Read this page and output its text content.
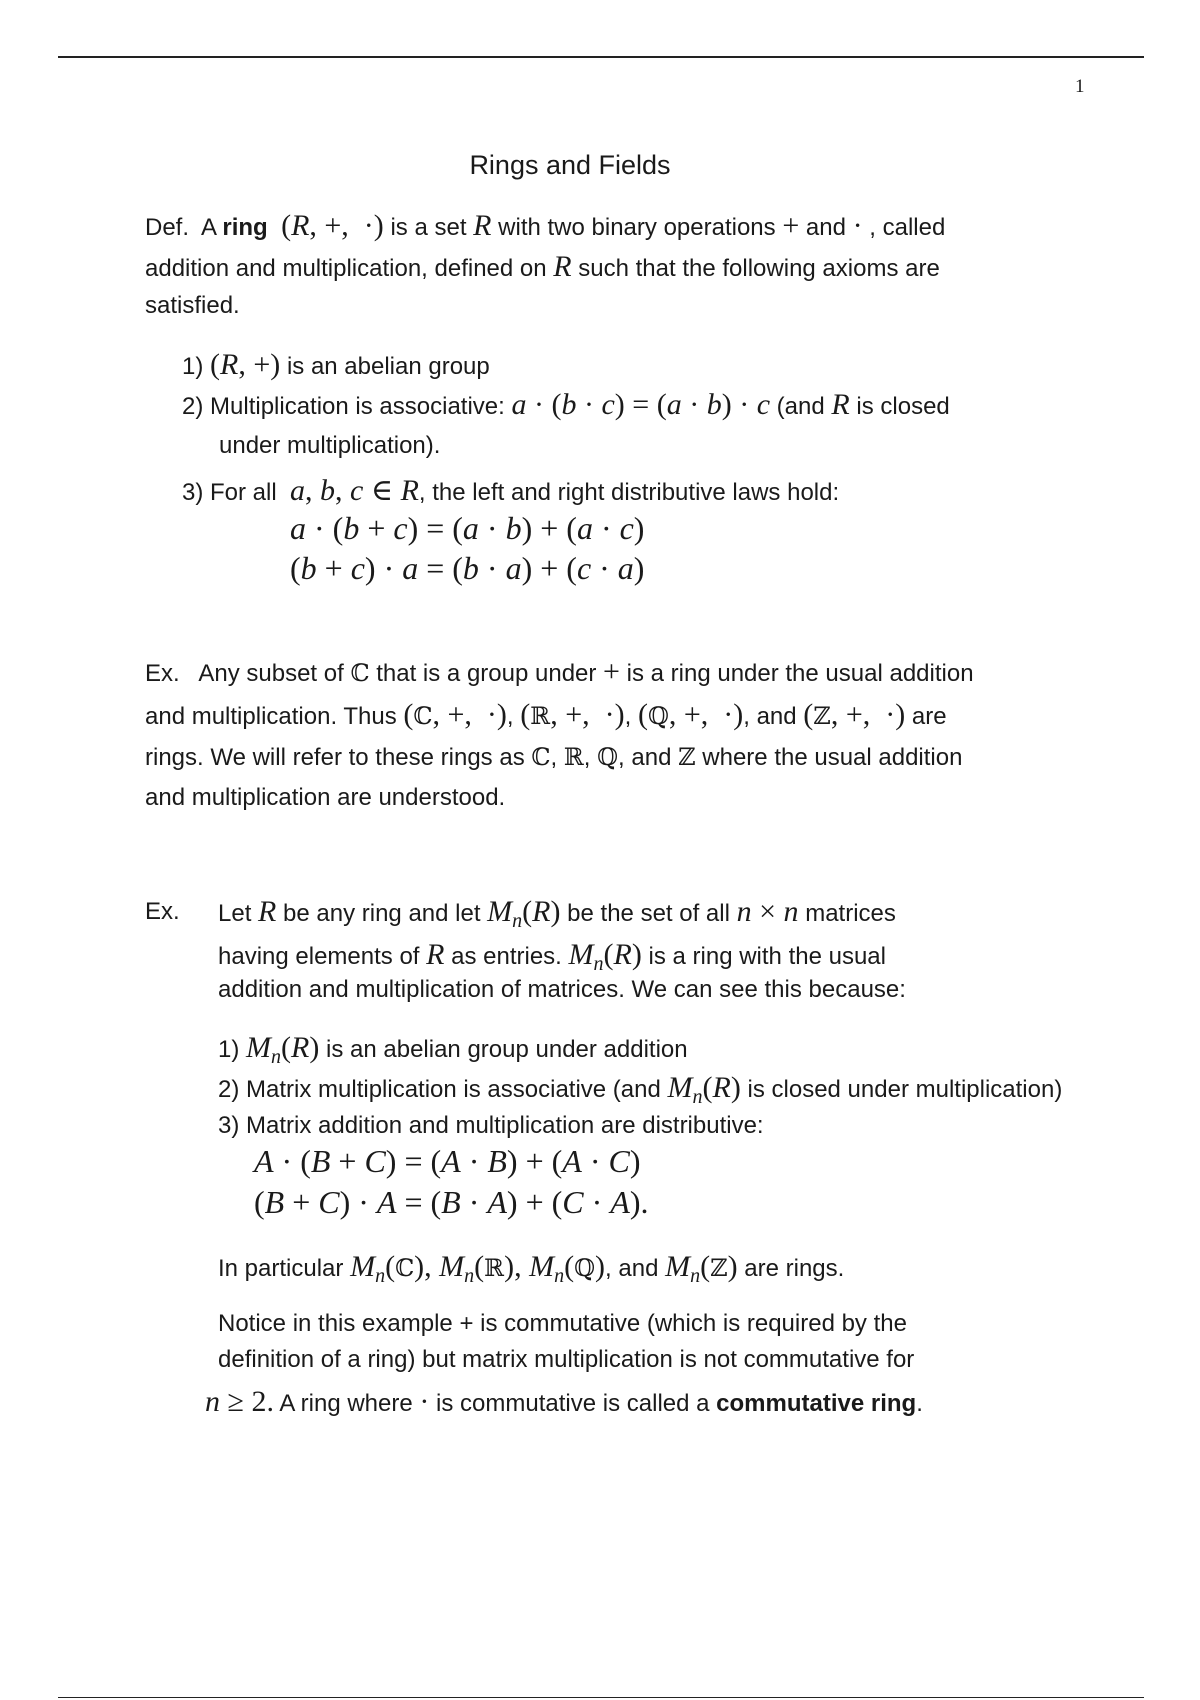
1
Rings and Fields
Def.  A ring (R, +,  ·) is a set R with two binary operations + and · , called
addition and multiplication, defined on R such that the following axioms are
satisfied.
1) (R, +) is an abelian group
2) Multiplication is associative: a · (b · c) = (a · b) · c (and R is closed
under multiplication).
3) For all a, b, c ∈ R, the left and right distributive laws hold:
a · (b + c) = (a · b) + (a · c)
(b + c) · a = (b · a) + (c · a)
Ex.   Any subset of ℂ that is a group under + is a ring under the usual addition
and multiplication. Thus (ℂ, +,  ·), (ℝ, +,  ·), (ℚ, +,  ·), and (ℤ, +,  ·) are
rings. We will refer to these rings as ℂ, ℝ, ℚ, and ℤ where the usual addition
and multiplication are understood.
Ex. Let R be any ring and let $M_n(R)$ be the set of all n × n matrices
having elements of R as entries. $M_n(R)$ is a ring with the usual
addition and multiplication of matrices. We can see this because:
1) $M_n(R)$ is an abelian group under addition
2) Matrix multiplication is associative (and $M_n(R)$ is closed under multiplication)
3) Matrix addition and multiplication are distributive:
A · (B + C) = (A · B) + (A · C)
(B + C) · A = (B · A) + (C · A).
In particular $M_n(ℂ)$, $M_n(ℝ)$, $M_n(ℚ)$, and $M_n(ℤ)$ are rings.
Notice in this example + is commutative (which is required by the
definition of a ring) but matrix multiplication is not commutative for
n ≥ 2. A ring where · is commutative is called a commutative ring.
